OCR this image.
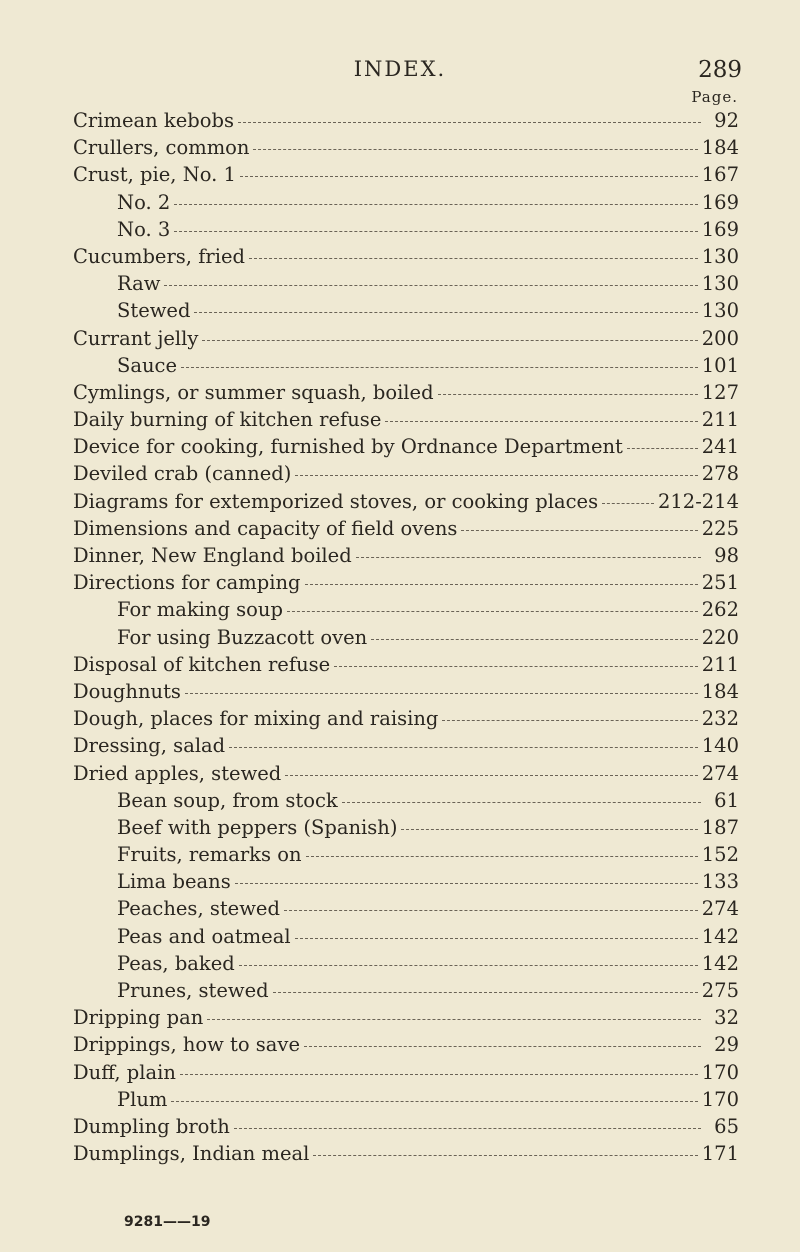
INDEX.	289
Page.
Crimean kebobs	92
Crullers, common	184
Crust, pie, No. 1	167
No. 2	169
No. 3	169
Cucumbers, fried	130
Raw	130
Stewed	130
Currant jelly	200
Sauce	101
Cymlings, or summer squash, boiled	127
Daily burning of kitchen refuse	211
Device for cooking, furnished by Ordnance Department	241
Deviled crab (canned)	278
Diagrams for extemporized stoves, or cooking places	212-214
Dimensions and capacity of field ovens	225
Dinner, New England boiled	98
Directions for camping	251
For making soup	262
For using Buzzacott oven	220
Disposal of kitchen refuse	211
Doughnuts	184
Dough, places for mixing and raising	232
Dressing, salad	140
Dried apples, stewed	274
Bean soup, from stock	61
Beef with peppers (Spanish)	187
Fruits, remarks on	152
Lima beans	133
Peaches, stewed	274
Peas and oatmeal	142
Peas, baked	142
Prunes, stewed	275
Dripping pan	32
Drippings, how to save	29
Duff, plain	170
Plum	170
Dumpling broth	65
Dumplings, Indian meal	171
9281——19
